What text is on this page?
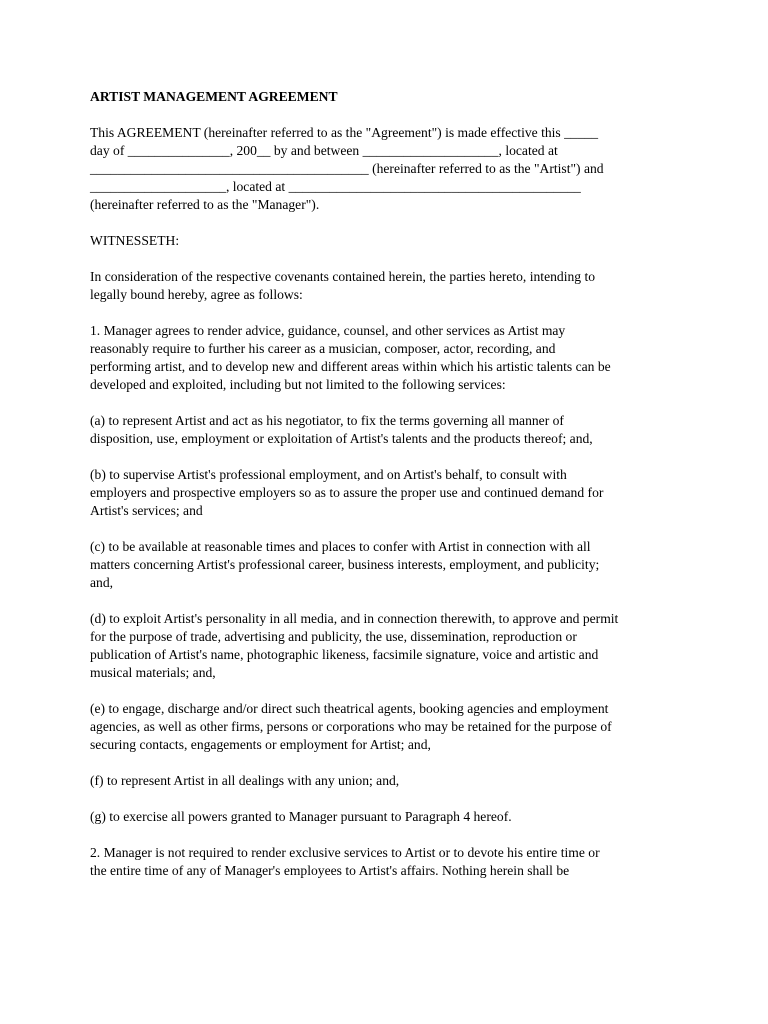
ARTIST MANAGEMENT AGREEMENT
This AGREEMENT (hereinafter referred to as the "Agreement") is made effective this _____
day of _______________, 200__ by and between ____________________, located at
_________________________________________ (hereinafter referred to as the "Artist") and
____________________, located at ___________________________________________
(hereinafter referred to as the "Manager").
WITNESSETH:
In consideration of the respective covenants contained herein, the parties hereto, intending to
legally bound hereby, agree as follows:
1. Manager agrees to render advice, guidance, counsel, and other services as Artist may
reasonably require to further his career as a musician, composer, actor, recording, and
performing artist, and to develop new and different areas within which his artistic talents can be
developed and exploited, including but not limited to the following services:
(a) to represent Artist and act as his negotiator, to fix the terms governing all manner of
disposition, use, employment or exploitation of Artist's talents and the products thereof; and,
(b) to supervise Artist's professional employment, and on Artist's behalf, to consult with
employers and prospective employers so as to assure the proper use and continued demand for
Artist's services; and
(c) to be available at reasonable times and places to confer with Artist in connection with all
matters concerning Artist's professional career, business interests, employment, and publicity;
and,
(d) to exploit Artist's personality in all media, and in connection therewith, to approve and permit
for the purpose of trade, advertising and publicity, the use, dissemination, reproduction or
publication of Artist's name, photographic likeness, facsimile signature, voice and artistic and
musical materials; and,
(e) to engage, discharge and/or direct such theatrical agents, booking agencies and employment
agencies, as well as other firms, persons or corporations who may be retained for the purpose of
securing contacts, engagements or employment for Artist; and,
(f) to represent Artist in all dealings with any union; and,
(g) to exercise all powers granted to Manager pursuant to Paragraph 4 hereof.
2. Manager is not required to render exclusive services to Artist or to devote his entire time or
the entire time of any of Manager's employees to Artist's affairs. Nothing herein shall be
